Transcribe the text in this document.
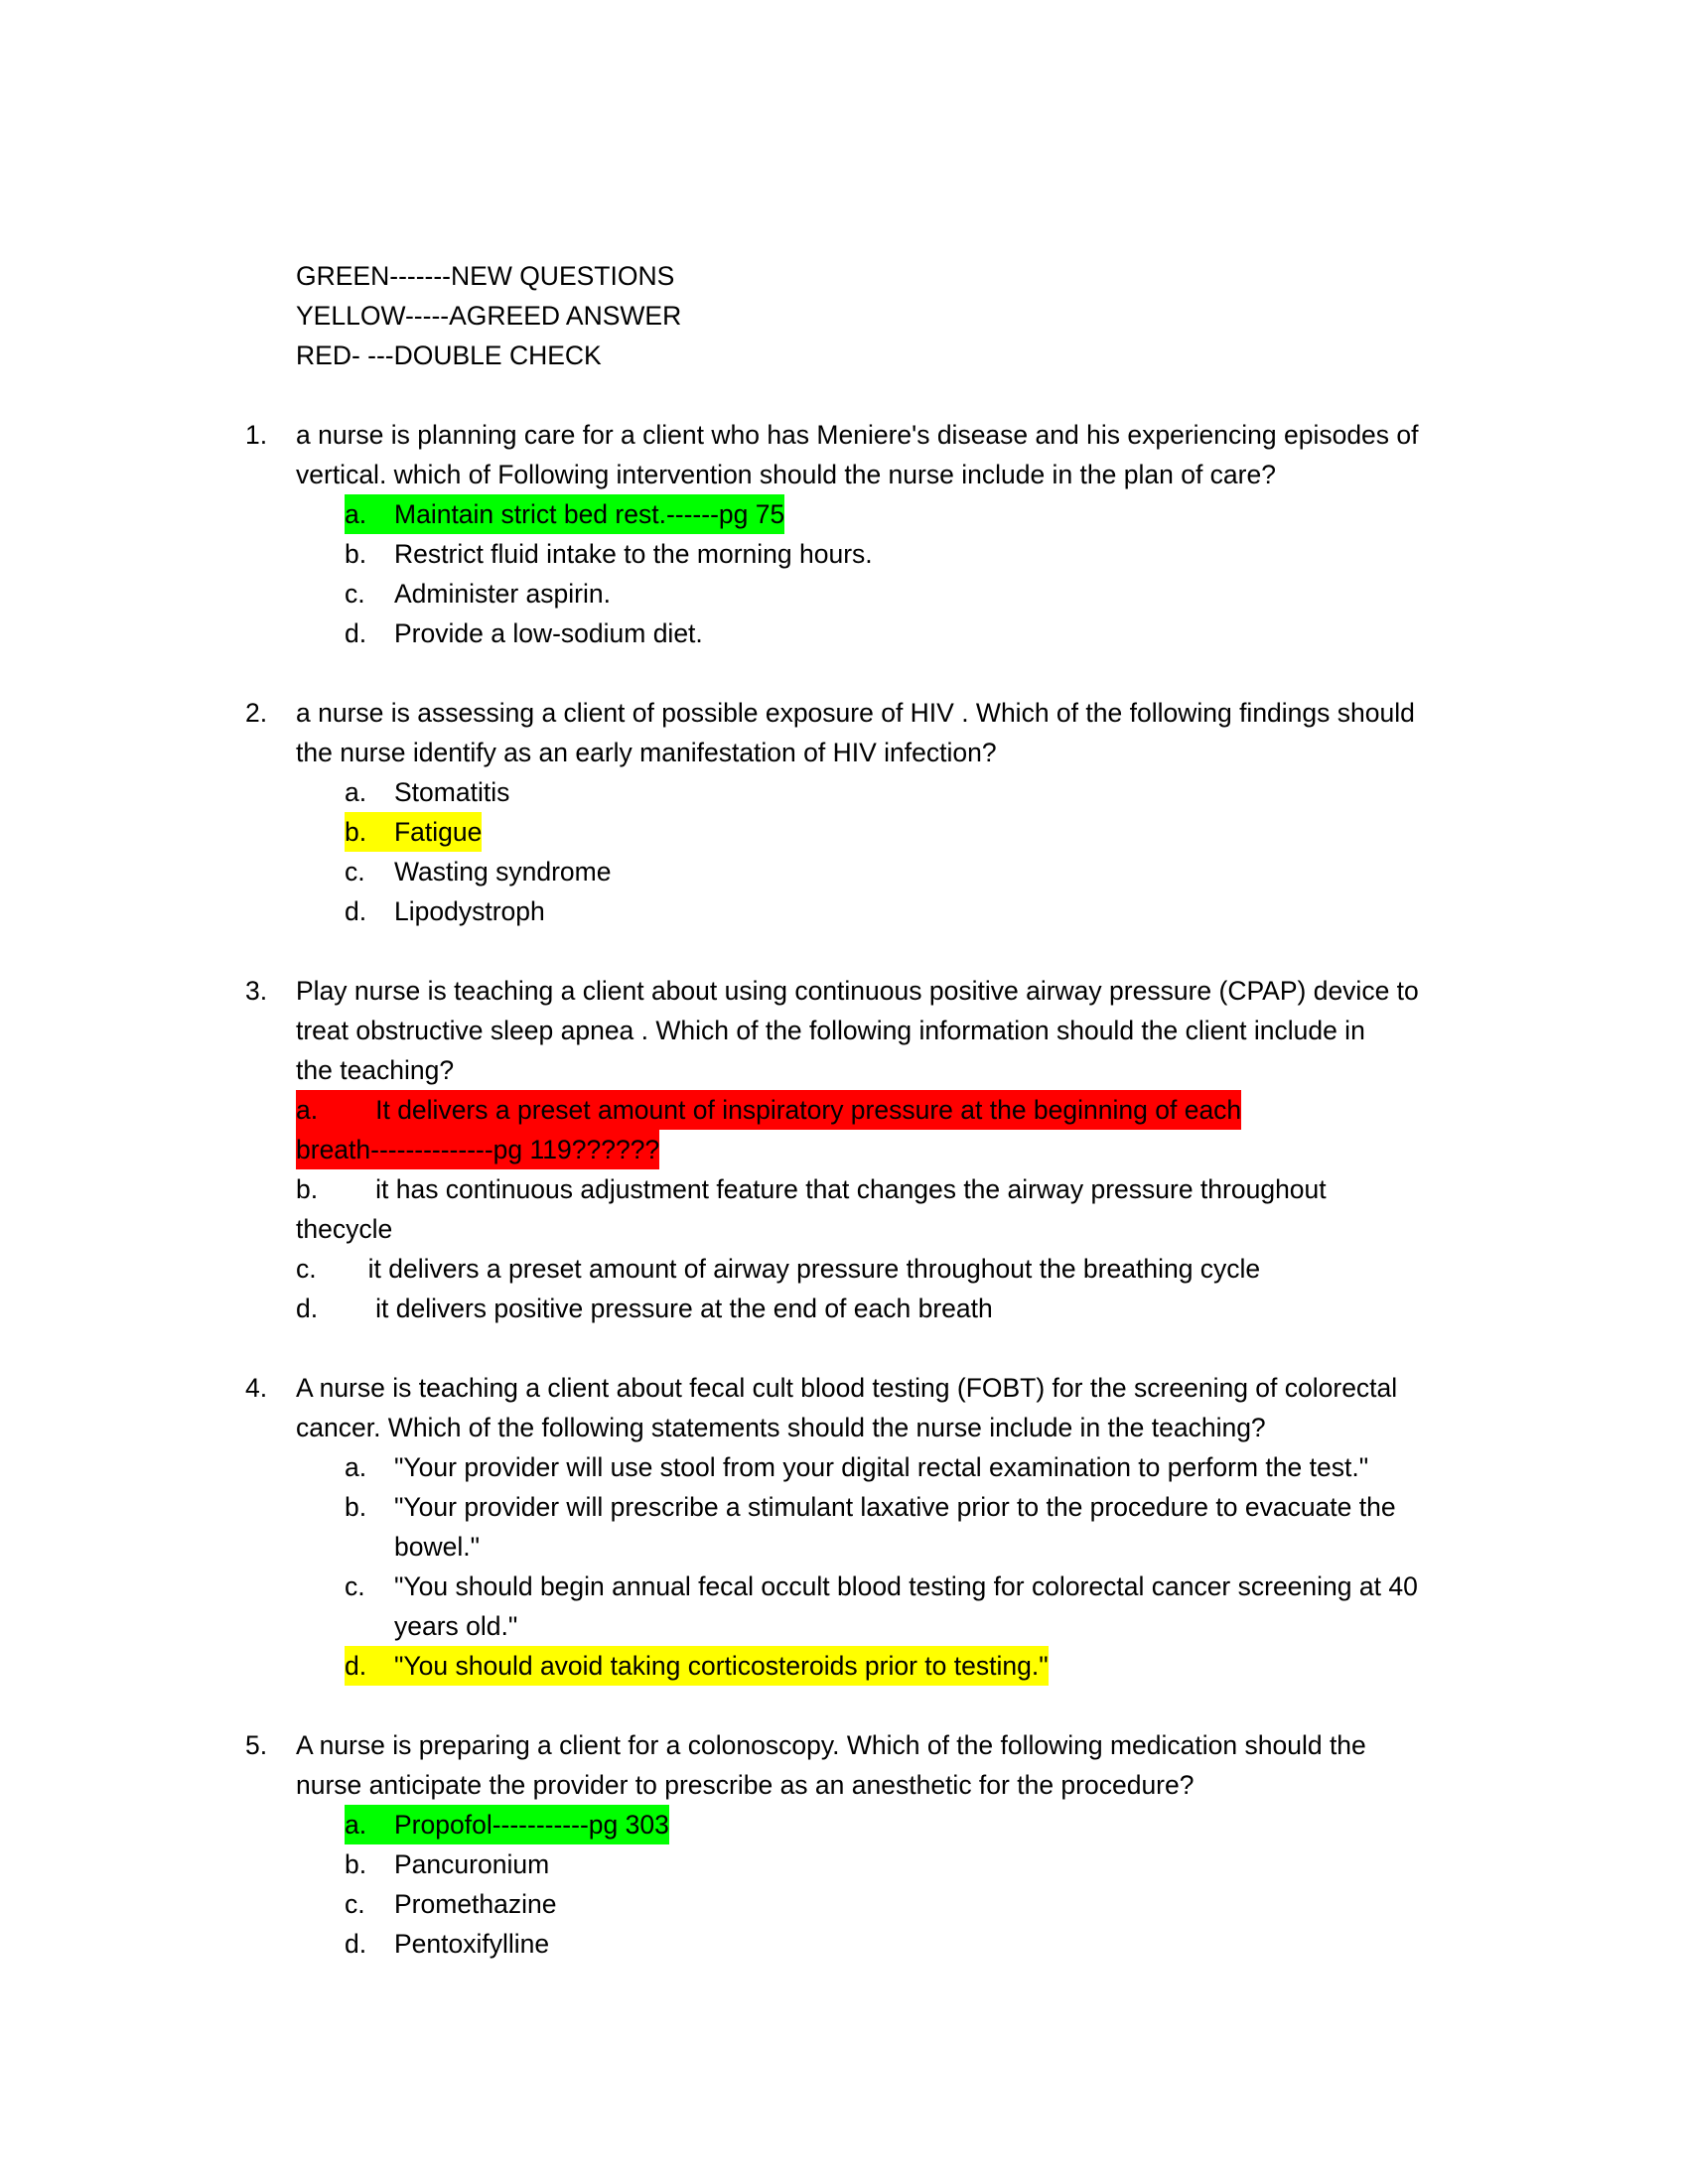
GREEN-------NEW QUESTIONS
YELLOW-----AGREED ANSWER
RED- ---DOUBLE CHECK
1. a nurse is planning care for a client who has Meniere's disease and his experiencing episodes of
vertical. which of Following intervention should the nurse include in the plan of care?
a.	Maintain strict bed rest.------pg 75
b. Restrict fluid intake to the morning hours.
c. Administer aspirin.
d. Provide a low-sodium diet.
2. a nurse is assessing a client of possible exposure of HIV . Which of the following findings should
the nurse identify as an early manifestation of HIV infection?
a. Stomatitis
b.	Fatigue
c. Wasting syndrome
d. Lipodystroph
3. Play nurse is teaching a client about using continuous positive airway pressure (CPAP) device to
treat obstructive sleep apnea . Which of the following information should the client include in
the teaching?
a. It delivers a preset amount of inspiratory pressure at the beginning of each
breath--------------pg 119??????
b. it has continuous adjustment feature that changes the airway pressure throughout
thecycle
c. it delivers a preset amount of airway pressure throughout the breathing cycle
d. it delivers positive pressure at the end of each breath
4. A nurse is teaching a client about fecal cult blood testing (FOBT) for the screening of colorectal
cancer. Which of the following statements should the nurse include in the teaching?
a. "Your provider will use stool from your digital rectal examination to perform the test."
b. "Your provider will prescribe a stimulant laxative prior to the procedure to evacuate the
bowel."
c. "You should begin annual fecal occult blood testing for colorectal cancer screening at 40
years old."
d.	"You should avoid taking corticosteroids prior to testing."
5. A nurse is preparing a client for a colonoscopy. Which of the following medication should the
nurse anticipate the provider to prescribe as an anesthetic for the procedure?
a.	Propofol-----------pg 303
b. Pancuronium
c. Promethazine
d. Pentoxifylline
